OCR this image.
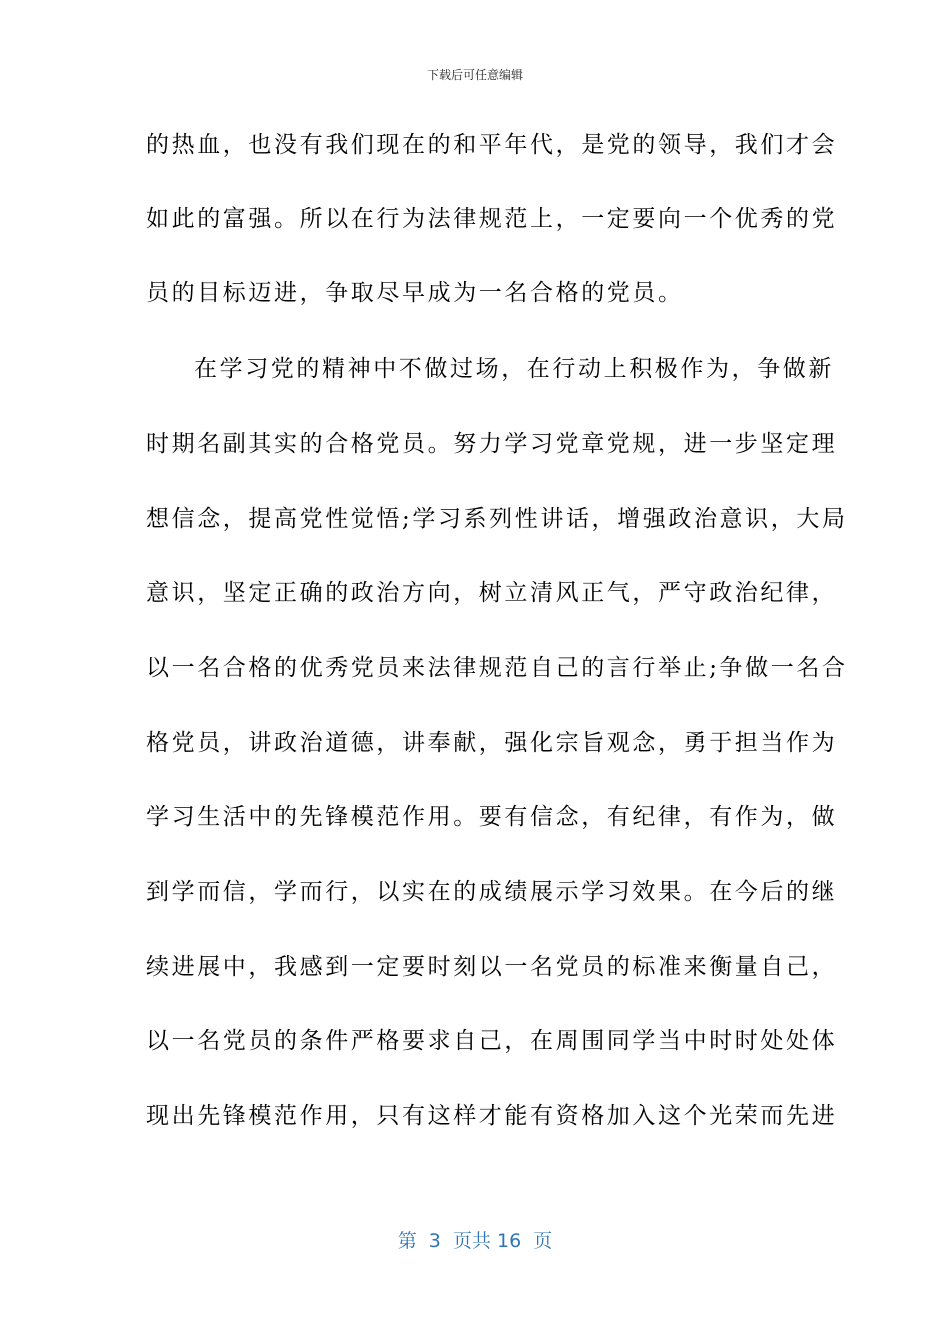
下载后可任意编辑
的热血，也没有我们现在的和平年代，是党的领导，我们才会
如此的富强。所以在行为法律规范上，一定要向一个优秀的党
员的目标迈进，争取尽早成为一名合格的党员。
在学习党的精神中不做过场，在行动上积极作为，争做新
时期名副其实的合格党员。努力学习党章党规，进一步坚定理
想信念，提高党性觉悟;学习系列性讲话，增强政治意识，大局
意识，坚定正确的政治方向，树立清风正气，严守政治纪律，
以一名合格的优秀党员来法律规范自己的言行举止;争做一名合
格党员，讲政治道德，讲奉献，强化宗旨观念，勇于担当作为
学习生活中的先锋模范作用。要有信念，有纪律，有作为，做
到学而信，学而行，以实在的成绩展示学习效果。在今后的继
续进展中，我感到一定要时刻以一名党员的标准来衡量自己，
以一名党员的条件严格要求自己，在周围同学当中时时处处体
现出先锋模范作用，只有这样才能有资格加入这个光荣而先进
第  3  页共 16  页
